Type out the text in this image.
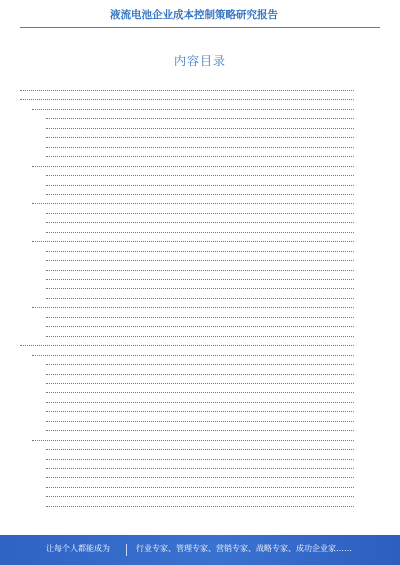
液流电池企业成本控制策略研究报告
内容目录
让每个人都能成为	行业专家、管理专家、营销专家、战略专家、成功企业家……
